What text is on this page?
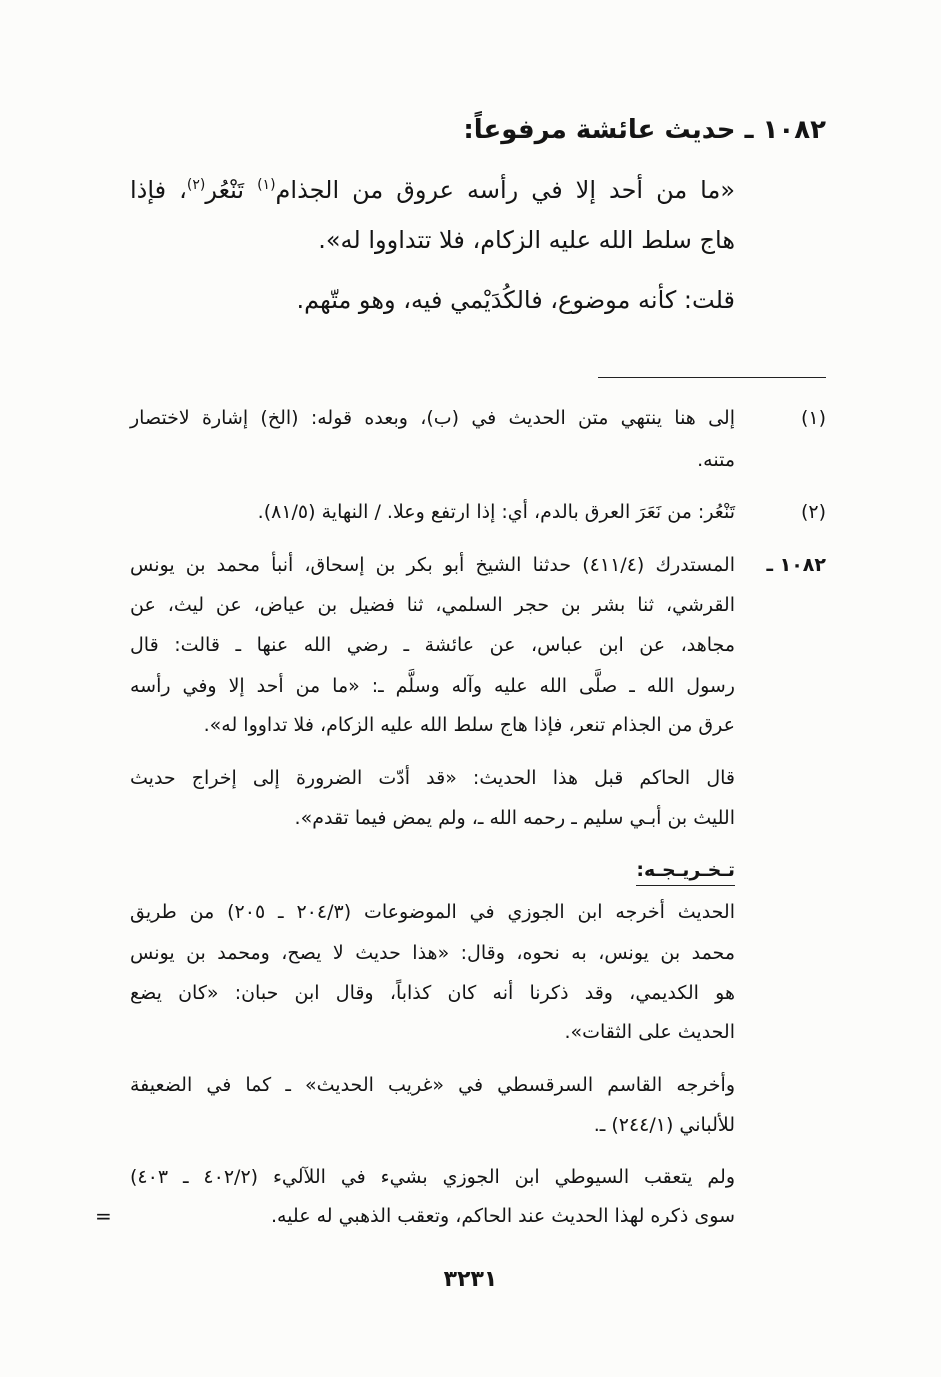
١٠٨٢ ـ حديث عائشة مرفوعاً:

«ما من أحد إلا في رأسه عروق من الجذام$^{(١)}$ تَنْعُر$^{(٢)}$، فإذا

هاج سلط الله عليه الزكام، فلا تتداووا له».

قلت: كأنه موضوع، فالكُدَيْمي فيه، وهو متّهم.

(١)

إلى هنا ينتهي متن الحديث في (ب)، وبعده قوله: (الخ) إشارة لاختصار

متنه.

(٢)

تَنْعُر: من نَعَرَ العرق بالدم، أي: إذا ارتفع وعلا. / النهاية (٨١/٥).

١٠٨٢ ـ

المستدرك (٤١١/٤) حدثنا الشيخ أبو بكر بن إسحاق، أنبأ محمد بن يونس

القرشي، ثنا بشر بن حجر السلمي، ثنا فضيل بن عياض، عن ليث، عن

مجاهد، عن ابن عباس، عن عائشة ـ رضي الله عنها ـ قالت: قال

رسول الله ـ صلَّى الله عليه وآله وسلَّم ـ: «ما من أحد إلا وفي رأسه

عرق من الجذام تنعر، فإذا هاج سلط الله عليه الزكام، فلا تداووا له».

قال الحاكم قبل هذا الحديث: «قد أدّت الضرورة إلى إخراج حديث

الليث بن أبـي سليم ـ رحمه الله ـ، ولم يمض فيما تقدم».

تـخـريـجـه:

الحديث أخرجه ابن الجوزي في الموضوعات (٢٠٤/٣ ـ ٢٠٥) من طريق

محمد بن يونس، به نحوه، وقال: «هذا حديث لا يصح، ومحمد بن يونس

هو الكديمي، وقد ذكرنا أنه كان كذاباً، وقال ابن حبان: «كان يضع

الحديث على الثقات».

وأخرجه القاسم السرقسطي في «غريب الحديث» ـ كما في الضعيفة

للألباني (٢٤٤/١) ـ.

ولم يتعقب السيوطي ابن الجوزي بشيء في اللآليء (٤٠٢/٢ ـ ٤٠٣)

سوى ذكره لهذا الحديث عند الحاكم، وتعقب الذهبي له عليه.

=
٣٢٣١
